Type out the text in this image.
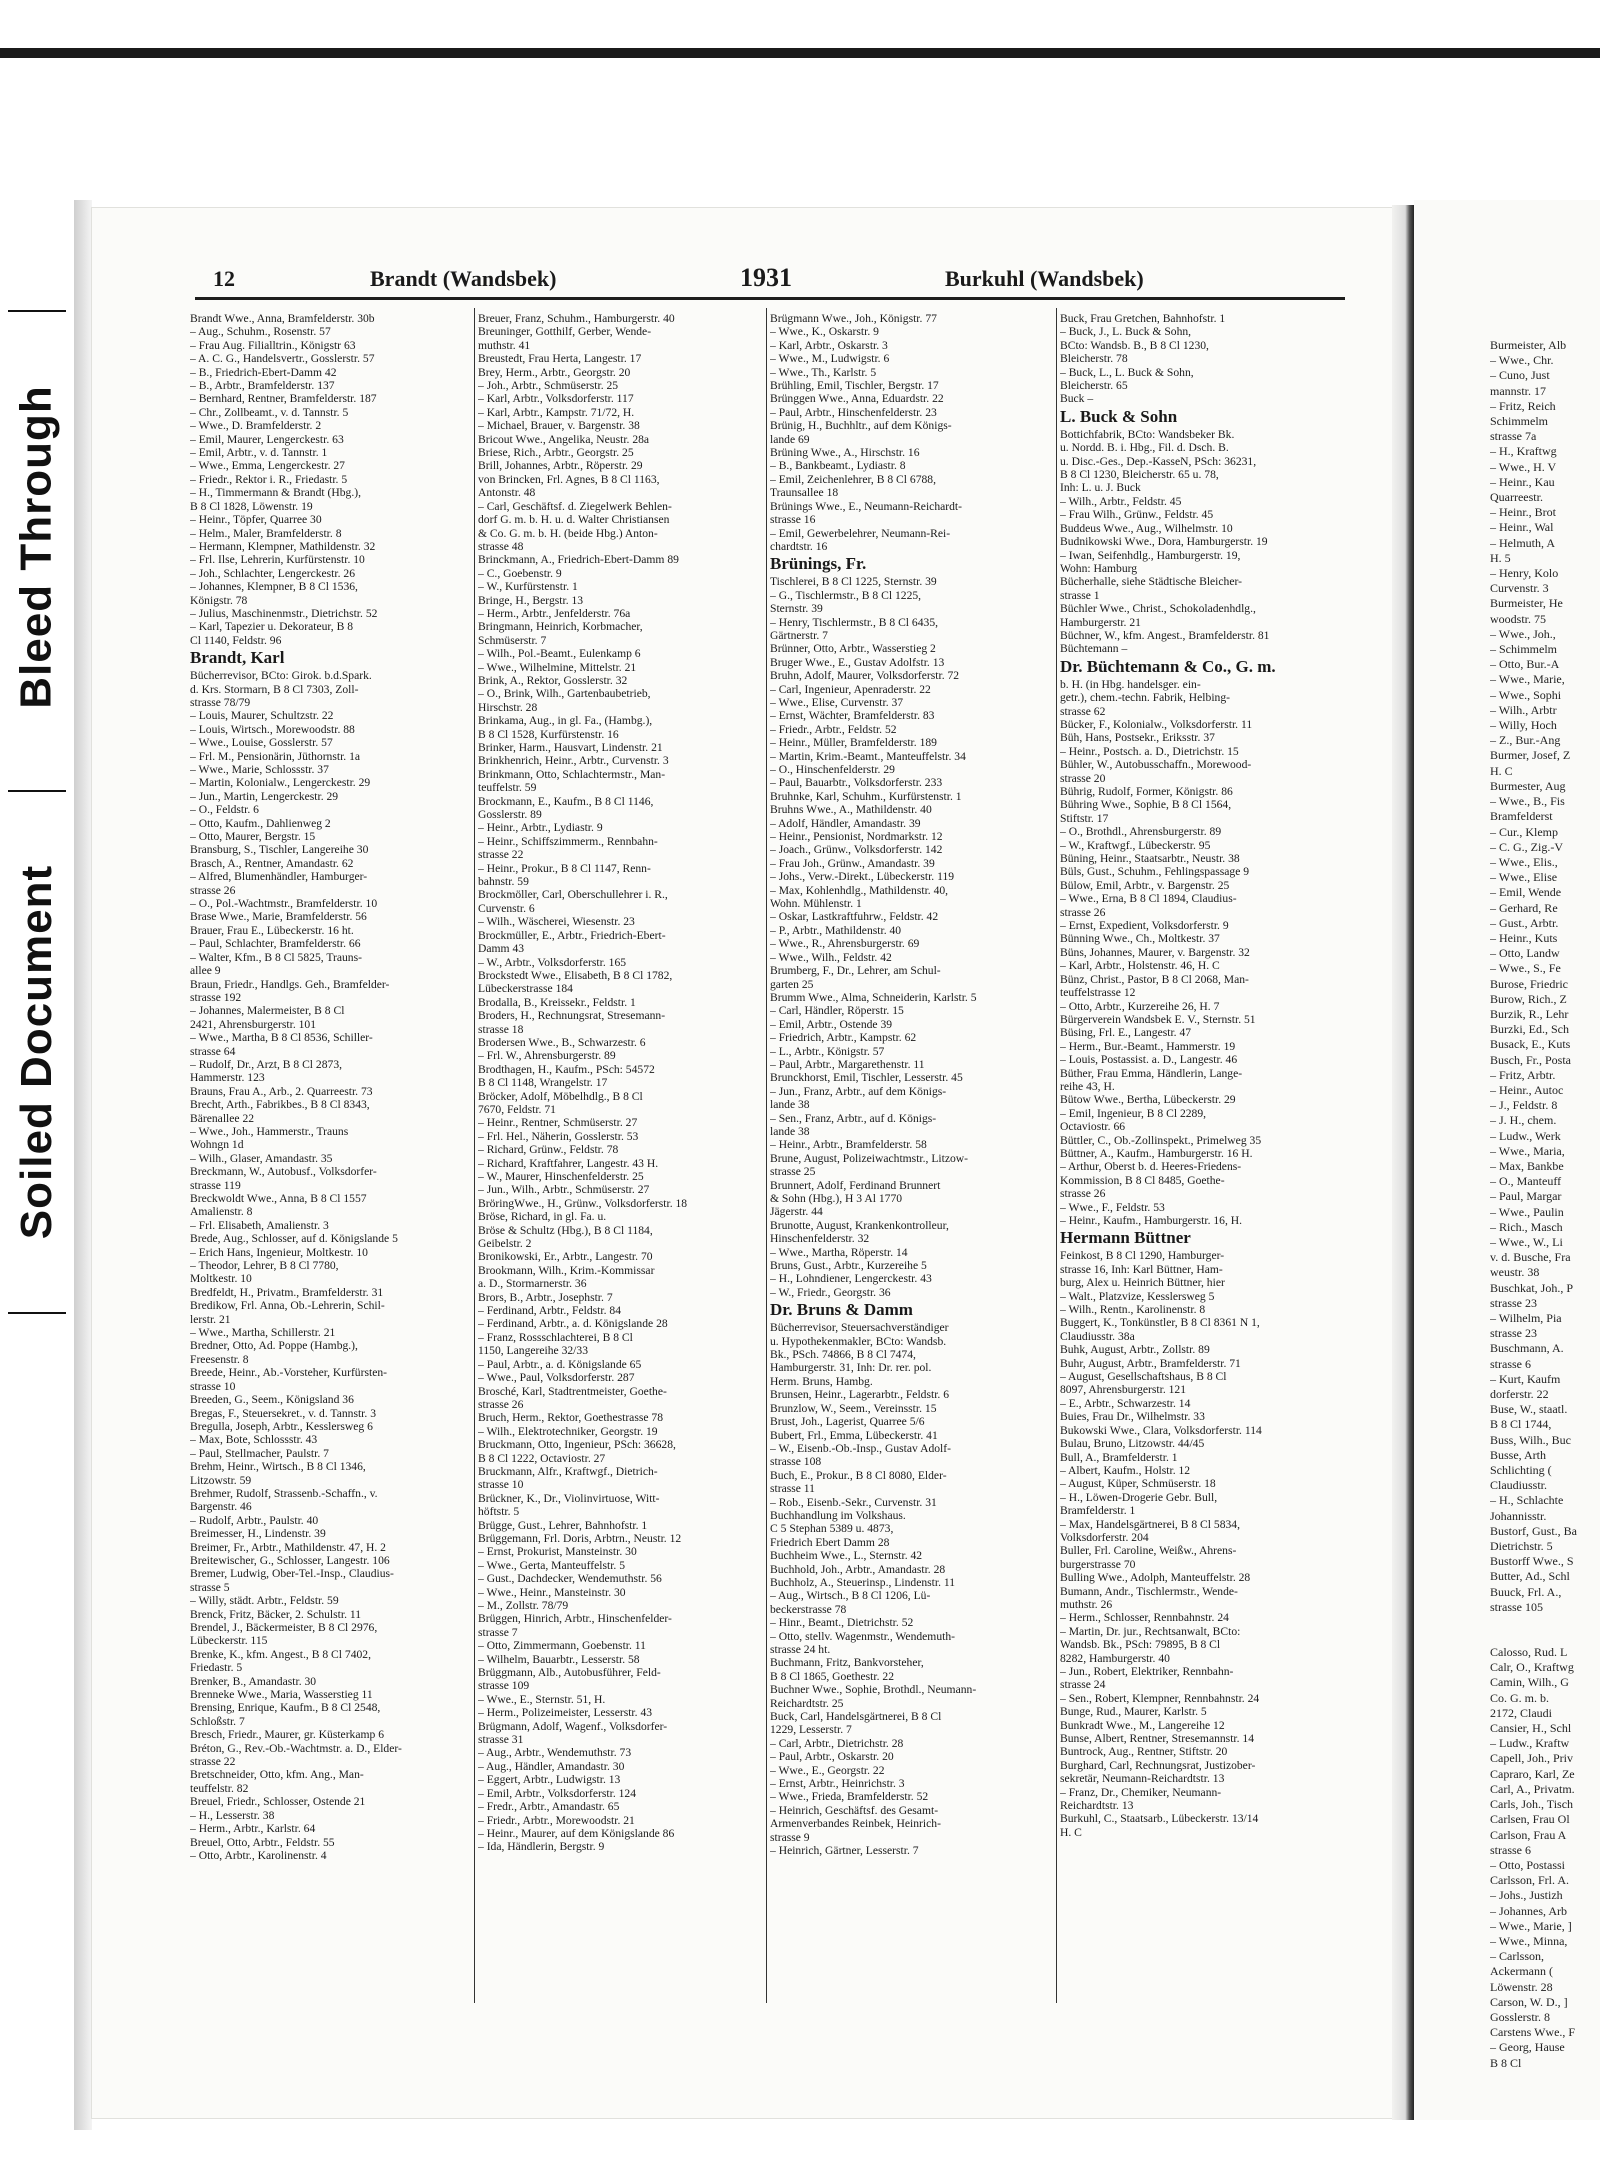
Bleed Through
Soiled Document
Burmeister, Alb
– Wwe., Chr.
– Cuno, Just
mannstr. 17
– Fritz, Reich
Schimmelm
strasse 7a
– H., Kraftwg
– Wwe., H. V
– Heinr., Kau
Quarreestr.
– Heinr., Brot
– Heinr., Wal
– Helmuth, A
H. 5
– Henry, Kolo
Curvenstr. 3
Burmeister, He
woodstr. 75
– Wwe., Joh.,
– Schimmelm
– Otto, Bur.-A
– Wwe., Marie,
– Wwe., Sophi
– Wilh., Arbtr
– Willy, Hoch
– Z., Bur.-Ang
Burmer, Josef, Z
H. C
Burmester, Aug
– Wwe., B., Fis
Bramfelderst
– Cur., Klemp
– C. G., Zig.-V
– Wwe., Elis.,
– Wwe., Elise
– Emil, Wende
– Gerhard, Re
– Gust., Arbtr.
– Heinr., Kuts
– Otto, Landw
– Wwe., S., Fe
Burose, Friedric
Burow, Rich., Z
Burzik, R., Lehr
Burzki, Ed., Sch
Busack, E., Kuts
Busch, Fr., Posta
– Fritz, Arbtr.
– Heinr., Autoc
– J., Feldstr. 8
– J. H., chem.
– Ludw., Werk
– Wwe., Maria,
– Max, Bankbe
– O., Manteuff
– Paul, Margar
– Wwe., Paulin
– Rich., Masch
– Wwe., W., Li
v. d. Busche, Fra
weustr. 38
Buschkat, Joh., P
strasse 23
– Wilhelm, Pia
strasse 23
Buschmann, A.
strasse 6
– Kurt, Kaufm
dorferstr. 22
Buse, W., staatl.
B 8 Cl 1744,
Buss, Wilh., Buc
Busse, Arth
Schlichting (
Claudiusstr.
– H., Schlachte
Johannisstr.
Bustorf, Gust., Ba
Dietrichstr. 5
Bustorff Wwe., S
Butter, Ad., Schl
Buuck, Frl. A.,
strasse 105
Calosso, Rud. L
Calr, O., Kraftwg
Camin, Wilh., G
Co. G. m. b.
2172, Claudi
Cansier, H., Schl
– Ludw., Kraftw
Capell, Joh., Priv
Capraro, Karl, Ze
Carl, A., Privatm.
Carls, Joh., Tisch
Carlsen, Frau Ol
Carlson, Frau A
strasse 6
– Otto, Postassi
Carlsson, Frl. A.
– Johs., Justizh
– Johannes, Arb
– Wwe., Marie, ]
– Wwe., Minna,
– Carlsson,
Ackermann (
Löwenstr. 28
Carson, W. D., ]
Gosslerstr. 8
Carstens Wwe., F
– Georg, Hause
B 8 Cl
12	Brandt (Wandsbek)	1931	Burkuhl (Wandsbek)
Brandt Wwe., Anna, Bramfelderstr. 30b
– Aug., Schuhm., Rosenstr. 57
– Frau Aug. Filialltrin., Königstr 63
– A. C. G., Handelsvertr., Gosslerstr. 57
– B., Friedrich-Ebert-Damm 42
– B., Arbtr., Bramfelderstr. 137
– Bernhard, Rentner, Bramfelderstr. 187
– Chr., Zollbeamt., v. d. Tannstr. 5
– Wwe., D. Bramfelderstr. 2
– Emil, Maurer, Lengerckestr. 63
– Emil, Arbtr., v. d. Tannstr. 1
– Wwe., Emma, Lengerckestr. 27
– Friedr., Rektor i. R., Friedastr. 5
– H., Timmermann & Brandt (Hbg.),
B 8 Cl 1828, Löwenstr. 19
– Heinr., Töpfer, Quarree 30
– Helm., Maler, Bramfelderstr. 8
– Hermann, Klempner, Mathildenstr. 32
– Frl. Ilse, Lehrerin, Kurfürstenstr. 10
– Joh., Schlachter, Lengerckestr. 26
– Johannes, Klempner, B 8 Cl 1536,
Königstr. 78
– Julius, Maschinenmstr., Dietrichstr. 52
– Karl, Tapezier u. Dekorateur, B 8
Cl 1140, Feldstr. 96
Brandt, Karl
Bücherrevisor, BCto: Girok. b.d.Spark.
d. Krs. Stormarn, B 8 Cl 7303, Zoll-
strasse 78/79
– Louis, Maurer, Schultzstr. 22
– Louis, Wirtsch., Morewoodstr. 88
– Wwe., Louise, Gosslerstr. 57
– Frl. M., Pensionärin, Jüthornstr. 1a
– Wwe., Marie, Schlossstr. 37
– Martin, Kolonialw., Lengerckestr. 29
– Jun., Martin, Lengerckestr. 29
– O., Feldstr. 6
– Otto, Kaufm., Dahlienweg 2
– Otto, Maurer, Bergstr. 15
Bransburg, S., Tischler, Langereihe 30
Brasch, A., Rentner, Amandastr. 62
– Alfred, Blumenhändler, Hamburger-
strasse 26
– O., Pol.-Wachtmstr., Bramfelderstr. 10
Brase Wwe., Marie, Bramfelderstr. 56
Brauer, Frau E., Lübeckerstr. 16 ht.
– Paul, Schlachter, Bramfelderstr. 66
– Walter, Kfm., B 8 Cl 5825, Trauns-
allee 9
Braun, Friedr., Handlgs. Geh., Bramfelder-
strasse 192
– Johannes, Malermeister, B 8 Cl
2421, Ahrensburgerstr. 101
– Wwe., Martha, B 8 Cl 8536, Schiller-
strasse 64
– Rudolf, Dr., Arzt, B 8 Cl 2873,
Hammerstr. 123
Brauns, Frau A., Arb., 2. Quarreestr. 73
Brecht, Arth., Fabrikbes., B 8 Cl 8343,
Bärenallee 22
– Wwe., Joh., Hammerstr., Trauns
Wohngn 1d
– Wilh., Glaser, Amandastr. 35
Breckmann, W., Autobusf., Volksdorfer-
strasse 119
Breckwoldt Wwe., Anna, B 8 Cl 1557
Amalienstr. 8
– Frl. Elisabeth, Amalienstr. 3
Brede, Aug., Schlosser, auf d. Königslande 5
– Erich Hans, Ingenieur, Moltkestr. 10
– Theodor, Lehrer, B 8 Cl 7780,
Moltkestr. 10
Bredfeldt, H., Privatm., Bramfelderstr. 31
Bredikow, Frl. Anna, Ob.-Lehrerin, Schil-
lerstr. 21
– Wwe., Martha, Schillerstr. 21
Bredner, Otto, Ad. Poppe (Hambg.),
Freesenstr. 8
Breede, Heinr., Ab.-Vorsteher, Kurfürsten-
strasse 10
Breeden, G., Seem., Königsland 36
Bregas, F., Steuersekret., v. d. Tannstr. 3
Bregulla, Joseph, Arbtr., Kesslersweg 6
– Max, Bote, Schlossstr. 43
– Paul, Stellmacher, Paulstr. 7
Brehm, Heinr., Wirtsch., B 8 Cl 1346,
Litzowstr. 59
Brehmer, Rudolf, Strassenb.-Schaffn., v.
Bargenstr. 46
– Rudolf, Arbtr., Paulstr. 40
Breimesser, H., Lindenstr. 39
Breimer, Fr., Arbtr., Mathildenstr. 47, H. 2
Breitewischer, G., Schlosser, Langestr. 106
Bremer, Ludwig, Ober-Tel.-Insp., Claudius-
strasse 5
– Willy, städt. Arbtr., Feldstr. 59
Brenck, Fritz, Bäcker, 2. Schulstr. 11
Brendel, J., Bäckermeister, B 8 Cl 2976,
Lübeckerstr. 115
Brenke, K., kfm. Angest., B 8 Cl 7402,
Friedastr. 5
Brenker, B., Amandastr. 30
Brenneke Wwe., Maria, Wasserstieg 11
Brensing, Enrique, Kaufm., B 8 Cl 2548,
Schloßstr. 7
Bresch, Friedr., Maurer, gr. Küsterkamp 6
Bréton, G., Rev.-Ob.-Wachtmstr. a. D., Elder-
strasse 22
Bretschneider, Otto, kfm. Ang., Man-
teuffelstr. 82
Breuel, Friedr., Schlosser, Ostende 21
– H., Lesserstr. 38
– Herm., Arbtr., Karlstr. 64
Breuel, Otto, Arbtr., Feldstr. 55
– Otto, Arbtr., Karolinenstr. 4
Breuer, Franz, Schuhm., Hamburgerstr. 40
Breuninger, Gotthilf, Gerber, Wende-
muthstr. 41
Breustedt, Frau Herta, Langestr. 17
Brey, Herm., Arbtr., Georgstr. 20
– Joh., Arbtr., Schmüserstr. 25
– Karl, Arbtr., Volksdorferstr. 117
– Karl, Arbtr., Kampstr. 71/72, H.
– Michael, Brauer, v. Bargenstr. 38
Bricout Wwe., Angelika, Neustr. 28a
Briese, Rich., Arbtr., Georgstr. 25
Brill, Johannes, Arbtr., Röperstr. 29
von Brincken, Frl. Agnes, B 8 Cl 1163,
Antonstr. 48
– Carl, Geschäftsf. d. Ziegelwerk Behlen-
dorf G. m. b. H. u. d. Walter Christiansen
& Co. G. m. b. H. (beide Hbg.) Anton-
strasse 48
Brinckmann, A., Friedrich-Ebert-Damm 89
– C., Goebenstr. 9
– W., Kurfürstenstr. 1
Bringe, H., Bergstr. 13
– Herm., Arbtr., Jenfelderstr. 76a
Bringmann, Heinrich, Korbmacher,
Schmüserstr. 7
– Wilh., Pol.-Beamt., Eulenkamp 6
– Wwe., Wilhelmine, Mittelstr. 21
Brink, A., Rektor, Gosslerstr. 32
– O., Brink, Wilh., Gartenbaubetrieb,
Hirschstr. 28
Brinkama, Aug., in gl. Fa., (Hambg.),
B 8 Cl 1528, Kurfürstenstr. 16
Brinker, Harm., Hausvart, Lindenstr. 21
Brinkhenrich, Heinr., Arbtr., Curvenstr. 3
Brinkmann, Otto, Schlachtermstr., Man-
teuffelstr. 59
Brockmann, E., Kaufm., B 8 Cl 1146,
Gosslerstr. 89
– Heinr., Arbtr., Lydiastr. 9
– Heinr., Schiffszimmerm., Rennbahn-
strasse 22
– Heinr., Prokur., B 8 Cl 1147, Renn-
bahnstr. 59
Brockmöller, Carl, Oberschullehrer i. R.,
Curvenstr. 6
– Wilh., Wäscherei, Wiesenstr. 23
Brockmüller, E., Arbtr., Friedrich-Ebert-
Damm 43
– W., Arbtr., Volksdorferstr. 165
Brockstedt Wwe., Elisabeth, B 8 Cl 1782,
Lübeckerstrasse 184
Brodalla, B., Kreissekr., Feldstr. 1
Broders, H., Rechnungsrat, Stresemann-
strasse 18
Brodersen Wwe., B., Schwarzestr. 6
– Frl. W., Ahrensburgerstr. 89
Brodthagen, H., Kaufm., PSch: 54572
B 8 Cl 1148, Wrangelstr. 17
Bröcker, Adolf, Möbelhdlg., B 8 Cl
7670, Feldstr. 71
– Heinr., Rentner, Schmüserstr. 27
– Frl. Hel., Näherin, Gosslerstr. 53
– Richard, Grünw., Feldstr. 78
– Richard, Kraftfahrer, Langestr. 43 H.
– W., Maurer, Hinschenfelderstr. 25
– Jun., Wilh., Arbtr., Schmüserstr. 27
BröringWwe., H., Grünw., Volksdorferstr. 18
Bröse, Richard, in gl. Fa. u.
Bröse & Schultz (Hbg.), B 8 Cl 1184,
Geibelstr. 2
Bronikowski, Er., Arbtr., Langestr. 70
Brookmann, Wilh., Krim.-Kommissar
a. D., Stormarnerstr. 36
Brors, B., Arbtr., Josephstr. 7
– Ferdinand, Arbtr., Feldstr. 84
– Ferdinand, Arbtr., a. d. Königslande 28
– Franz, Rossschlachterei, B 8 Cl
1150, Langereihe 32/33
– Paul, Arbtr., a. d. Königslande 65
– Wwe., Paul, Volksdorferstr. 287
Brosché, Karl, Stadtrentmeister, Goethe-
strasse 26
Bruch, Herm., Rektor, Goethestrasse 78
– Wilh., Elektrotechniker, Georgstr. 19
Bruckmann, Otto, Ingenieur, PSch: 36628,
B 8 Cl 1222, Octaviostr. 27
Bruckmann, Alfr., Kraftwgf., Dietrich-
strasse 10
Brückner, K., Dr., Violinvirtuose, Witt-
höftstr. 5
Brügge, Gust., Lehrer, Bahnhofstr. 1
Brüggemann, Frl. Doris, Arbtrn., Neustr. 12
– Ernst, Prokurist, Mansteinstr. 30
– Wwe., Gerta, Manteuffelstr. 5
– Gust., Dachdecker, Wendemuthstr. 56
– Wwe., Heinr., Mansteinstr. 30
– M., Zollstr. 78/79
Brüggen, Hinrich, Arbtr., Hinschenfelder-
strasse 7
– Otto, Zimmermann, Goebenstr. 11
– Wilhelm, Bauarbtr., Lesserstr. 58
Brüggmann, Alb., Autobusführer, Feld-
strasse 109
– Wwe., E., Sternstr. 51, H.
– Herm., Polizeimeister, Lesserstr. 43
Brügmann, Adolf, Wagenf., Volksdorfer-
strasse 31
– Aug., Arbtr., Wendemuthstr. 73
– Aug., Händler, Amandastr. 30
– Eggert, Arbtr., Ludwigstr. 13
– Emil, Arbtr., Volksdorferstr. 124
– Fredr., Arbtr., Amandastr. 65
– Friedr., Arbtr., Morewoodstr. 21
– Heinr., Maurer, auf dem Königslande 86
– Ida, Händlerin, Bergstr. 9
Brügmann Wwe., Joh., Königstr. 77
– Wwe., K., Oskarstr. 9
– Karl, Arbtr., Oskarstr. 3
– Wwe., M., Ludwigstr. 6
– Wwe., Th., Karlstr. 5
Brühling, Emil, Tischler, Bergstr. 17
Brünggen Wwe., Anna, Eduardstr. 22
– Paul, Arbtr., Hinschenfelderstr. 23
Brünig, H., Buchhltr., auf dem Königs-
lande 69
Brüning Wwe., A., Hirschstr. 16
– B., Bankbeamt., Lydiastr. 8
– Emil, Zeichenlehrer, B 8 Cl 6788,
Traunsallee 18
Brünings Wwe., E., Neumann-Reichardt-
strasse 16
– Emil, Gewerbelehrer, Neumann-Rei-
chardtstr. 16
Brünings, Fr.
Tischlerei, B 8 Cl 1225, Sternstr. 39
– G., Tischlermstr., B 8 Cl 1225,
Sternstr. 39
– Henry, Tischlermstr., B 8 Cl 6435,
Gärtnerstr. 7
Brünner, Otto, Arbtr., Wasserstieg 2
Bruger Wwe., E., Gustav Adolfstr. 13
Bruhn, Adolf, Maurer, Volksdorferstr. 72
– Carl, Ingenieur, Apenraderstr. 22
– Wwe., Elise, Curvenstr. 37
– Ernst, Wächter, Bramfelderstr. 83
– Friedr., Arbtr., Feldstr. 52
– Heinr., Müller, Bramfelderstr. 189
– Martin, Krim.-Beamt., Manteuffelstr. 34
– O., Hinschenfelderstr. 29
– Paul, Bauarbtr., Volksdorferstr. 233
Bruhnke, Karl, Schuhm., Kurfürstenstr. 1
Bruhns Wwe., A., Mathildenstr. 40
– Adolf, Händler, Amandastr. 39
– Heinr., Pensionist, Nordmarkstr. 12
– Joach., Grünw., Volksdorferstr. 142
– Frau Joh., Grünw., Amandastr. 39
– Johs., Verw.-Direkt., Lübeckerstr. 119
– Max, Kohlenhdlg., Mathildenstr. 40,
Wohn. Mühlenstr. 1
– Oskar, Lastkraftfuhrw., Feldstr. 42
– P., Arbtr., Mathildenstr. 40
– Wwe., R., Ahrensburgerstr. 69
– Wwe., Wilh., Feldstr. 42
Brumberg, F., Dr., Lehrer, am Schul-
garten 25
Brumm Wwe., Alma, Schneiderin, Karlstr. 5
– Carl, Händler, Röperstr. 15
– Emil, Arbtr., Ostende 39
– Friedrich, Arbtr., Kampstr. 62
– L., Arbtr., Königstr. 57
– Paul, Arbtr., Margarethenstr. 11
Brunckhorst, Emil, Tischler, Lesserstr. 45
– Jun., Franz, Arbtr., auf dem Königs-
lande 38
– Sen., Franz, Arbtr., auf d. Königs-
lande 38
– Heinr., Arbtr., Bramfelderstr. 58
Brune, August, Polizeiwachtmstr., Litzow-
strasse 25
Brunnert, Adolf, Ferdinand Brunnert
& Sohn (Hbg.), H 3 Al 1770
Jägerstr. 44
Brunotte, August, Krankenkontrolleur,
Hinschenfelderstr. 32
– Wwe., Martha, Röperstr. 14
Bruns, Gust., Arbtr., Kurzereihe 5
– H., Lohndiener, Lengerckestr. 43
– W., Friedr., Georgstr. 36
Dr. Bruns & Damm
Bücherrevisor, Steuersachverständiger
u. Hypothekenmakler, BCto: Wandsb.
Bk., PSch. 74866, B 8 Cl 7474,
Hamburgerstr. 31, Inh: Dr. rer. pol.
Herm. Bruns, Hambg.
Brunsen, Heinr., Lagerarbtr., Feldstr. 6
Brunzlow, W., Seem., Vereinsstr. 15
Brust, Joh., Lagerist, Quarree 5/6
Bubert, Frl., Emma, Lübeckerstr. 41
– W., Eisenb.-Ob.-Insp., Gustav Adolf-
strasse 108
Buch, E., Prokur., B 8 Cl 8080, Elder-
strasse 11
– Rob., Eisenb.-Sekr., Curvenstr. 31
Buchhandlung im Volkshaus.
C 5 Stephan 5389 u. 4873,
Friedrich Ebert Damm 28
Buchheim Wwe., L., Sternstr. 42
Buchhold, Joh., Arbtr., Amandastr. 28
Buchholz, A., Steuerinsp., Lindenstr. 11
– Aug., Wirtsch., B 8 Cl 1206, Lü-
beckerstrasse 78
– Hinr., Beamt., Dietrichstr. 52
– Otto, stellv. Wagenmstr., Wendemuth-
strasse 24 ht.
Buchmann, Fritz, Bankvorsteher,
B 8 Cl 1865, Goethestr. 22
Buchner Wwe., Sophie, Brothdl., Neumann-
Reichardtstr. 25
Buck, Carl, Handelsgärtnerei, B 8 Cl
1229, Lesserstr. 7
– Carl, Arbtr., Dietrichstr. 28
– Paul, Arbtr., Oskarstr. 20
– Wwe., E., Georgstr. 22
– Ernst, Arbtr., Heinrichstr. 3
– Wwe., Frieda, Bramfelderstr. 52
– Heinrich, Geschäftsf. des Gesamt-
Armenverbandes Reinbek, Heinrich-
strasse 9
– Heinrich, Gärtner, Lesserstr. 7
Buck, Frau Gretchen, Bahnhofstr. 1
– Buck, J., L. Buck & Sohn,
BCto: Wandsb. B., B 8 Cl 1230,
Bleicherstr. 78
– Buck, L., L. Buck & Sohn,
Bleicherstr. 65
Buck –
L. Buck & Sohn
Bottichfabrik, BCto: Wandsbeker Bk.
u. Nordd. B. i. Hbg., Fil. d. Dsch. B.
u. Disc.-Ges., Dep.-KasseN, PSch: 36231,
B 8 Cl 1230, Bleicherstr. 65 u. 78,
Inh: L. u. J. Buck
– Wilh., Arbtr., Feldstr. 45
– Frau Wilh., Grünw., Feldstr. 45
Buddeus Wwe., Aug., Wilhelmstr. 10
Budnikowski Wwe., Dora, Hamburgerstr. 19
– Iwan, Seifenhdlg., Hamburgerstr. 19,
Wohn: Hamburg
Bücherhalle, siehe Städtische Bleicher-
strasse 1
Büchler Wwe., Christ., Schokoladenhdlg.,
Hamburgerstr. 21
Büchner, W., kfm. Angest., Bramfelderstr. 81
Büchtemann –
Dr. Büchtemann & Co., G. m.
b. H. (in Hbg. handelsger. ein-
getr.), chem.-techn. Fabrik, Helbing-
strasse 62
Bücker, F., Kolonialw., Volksdorferstr. 11
Büh, Hans, Postsekr., Eriksstr. 37
– Heinr., Postsch. a. D., Dietrichstr. 15
Bühler, W., Autobusschaffn., Morewood-
strasse 20
Bührig, Rudolf, Former, Königstr. 86
Bühring Wwe., Sophie, B 8 Cl 1564,
Stiftstr. 17
– O., Brothdl., Ahrensburgerstr. 89
– W., Kraftwgf., Lübeckerstr. 95
Büning, Heinr., Staatsarbtr., Neustr. 38
Büls, Gust., Schuhm., Fehlingspassage 9
Bülow, Emil, Arbtr., v. Bargenstr. 25
– Wwe., Erna, B 8 Cl 1894, Claudius-
strasse 26
– Ernst, Expedient, Volksdorferstr. 9
Bünning Wwe., Ch., Moltkestr. 37
Büns, Johannes, Maurer, v. Bargenstr. 32
– Karl, Arbtr., Holstenstr. 46, H. C
Bünz, Christ., Pastor, B 8 Cl 2068, Man-
teuffelstrasse 12
– Otto, Arbtr., Kurzereihe 26, H. 7
Bürgerverein Wandsbek E. V., Sternstr. 51
Büsing, Frl. E., Langestr. 47
– Herm., Bur.-Beamt., Hammerstr. 19
– Louis, Postassist. a. D., Langestr. 46
Büther, Frau Emma, Händlerin, Lange-
reihe 43, H.
Bütow Wwe., Bertha, Lübeckerstr. 29
– Emil, Ingenieur, B 8 Cl 2289,
Octaviostr. 66
Büttler, C., Ob.-Zollinspekt., Primelweg 35
Büttner, A., Kaufm., Hamburgerstr. 16 H.
– Arthur, Oberst b. d. Heeres-Friedens-
Kommission, B 8 Cl 8485, Goethe-
strasse 26
– Wwe., F., Feldstr. 53
– Heinr., Kaufm., Hamburgerstr. 16, H.
Hermann Büttner
Feinkost, B 8 Cl 1290, Hamburger-
strasse 16, Inh: Karl Büttner, Ham-
burg, Alex u. Heinrich Büttner, hier
– Walt., Platzvize, Kesslersweg 5
– Wilh., Rentn., Karolinenstr. 8
Buggert, K., Tonkünstler, B 8 Cl 8361 N 1,
Claudiusstr. 38a
Buhk, August, Arbtr., Zollstr. 89
Buhr, August, Arbtr., Bramfelderstr. 71
– August, Gesellschaftshaus, B 8 Cl
8097, Ahrensburgerstr. 121
– E., Arbtr., Schwarzestr. 14
Buies, Frau Dr., Wilhelmstr. 33
Bukowski Wwe., Clara, Volksdorferstr. 114
Bulau, Bruno, Litzowstr. 44/45
Bull, A., Bramfelderstr. 1
– Albert, Kaufm., Holstr. 12
– August, Küper, Schmüserstr. 18
– H., Löwen-Drogerie Gebr. Bull,
Bramfelderstr. 1
– Max, Handelsgärtnerei, B 8 Cl 5834,
Volksdorferstr. 204
Buller, Frl. Caroline, Weißw., Ahrens-
burgerstrasse 70
Bulling Wwe., Adolph, Manteuffelstr. 28
Bumann, Andr., Tischlermstr., Wende-
muthstr. 26
– Herm., Schlosser, Rennbahnstr. 24
– Martin, Dr. jur., Rechtsanwalt, BCto:
Wandsb. Bk., PSch: 79895, B 8 Cl
8282, Hamburgerstr. 40
– Jun., Robert, Elektriker, Rennbahn-
strasse 24
– Sen., Robert, Klempner, Rennbahnstr. 24
Bunge, Rud., Maurer, Karlstr. 5
Bunkradt Wwe., M., Langereihe 12
Bunse, Albert, Rentner, Stresemannstr. 14
Buntrock, Aug., Rentner, Stiftstr. 20
Burghard, Carl, Rechnungsrat, Justizober-
sekretär, Neumann-Reichardtstr. 13
– Franz, Dr., Chemiker, Neumann-
Reichardtstr. 13
Burkuhl, C., Staatsarb., Lübeckerstr. 13/14
H. C
